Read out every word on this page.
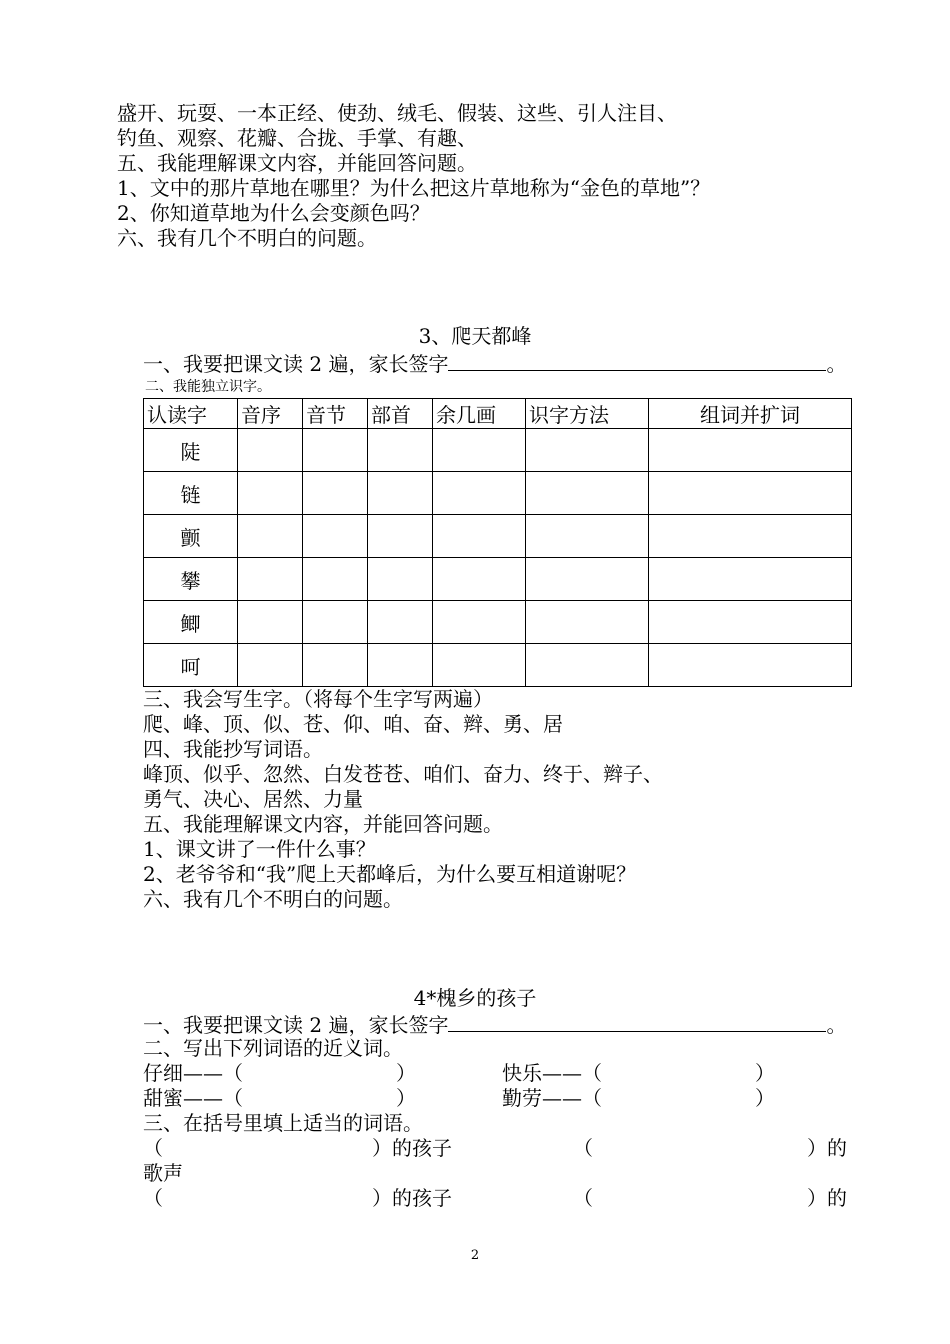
盛开、玩耍、一本正经、使劲、绒毛、假装、这些、引人注目、
钓鱼、观察、花瓣、合拢、手掌、有趣、
五、我能理解课文内容，并能回答问题。
1、文中的那片草地在哪里？为什么把这片草地称为“金色的草地”？
2、你知道草地为什么会变颜色吗？
六、我有几个不明白的问题。
3、爬天都峰
一、我要把课文读 2 遍，家长签字	。
二、我能独立识字。
认读字	音序	音节	部首	余几画	识字方法	组词并扩词
陡						
链						
颤						
攀						
鲫						
呵						
三、我会写生字。（将每个生字写两遍）
爬、峰、顶、似、苍、仰、咱、奋、辫、勇、居
四、我能抄写词语。
峰顶、似乎、忽然、白发苍苍、咱们、奋力、终于、辫子、
勇气、决心、居然、力量
五、我能理解课文内容，并能回答问题。
1、课文讲了一件什么事？
2、老爷爷和“我”爬上天都峰后，为什么要互相道谢呢？
六、我有几个不明白的问题。
4*槐乡的孩子
一、我要把课文读 2 遍，家长签字	。
二、写出下列词语的近义词。
仔细——（	）	快乐——（	）
甜蜜——（	）	勤劳——（	）
三、在括号里填上适当的词语。
（	）的孩子	（	）的
歌声
（	）的孩子	（	）的
2
